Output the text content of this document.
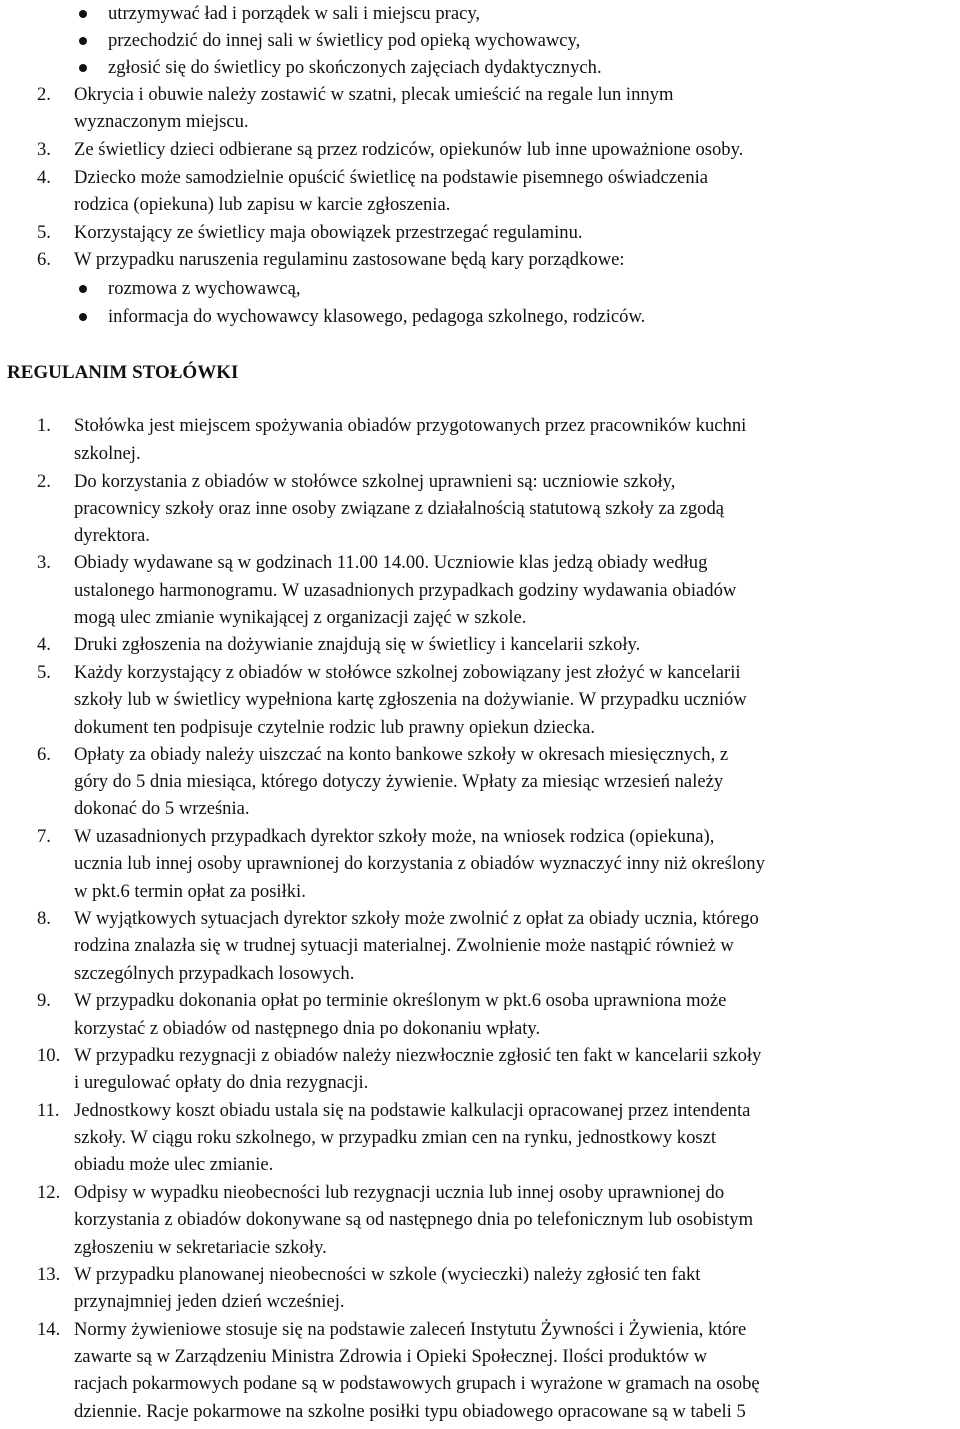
utrzymywać ład i porządek w sali i miejscu pracy,
przechodzić do innej sali w świetlicy pod opieką wychowawcy,
zgłosić się do świetlicy po skończonych zajęciach dydaktycznych.
2. Okrycia i obuwie należy zostawić w szatni, plecak umieścić na regale lun innym
wyznaczonym miejscu.
3. Ze świetlicy dzieci odbierane są przez rodziców, opiekunów lub inne upoważnione osoby.
4. Dziecko może samodzielnie opuścić świetlicę na podstawie pisemnego oświadczenia
rodzica (opiekuna) lub zapisu w karcie zgłoszenia.
5. Korzystający ze świetlicy maja obowiązek przestrzegać regulaminu.
6. W przypadku naruszenia regulaminu zastosowane będą kary porządkowe:
rozmowa z wychowawcą,
informacja do wychowawcy klasowego, pedagoga szkolnego, rodziców.
REGULANIM STOŁÓWKI
1. Stołówka jest miejscem spożywania obiadów przygotowanych przez pracowników kuchni
szkolnej.
2. Do korzystania z obiadów w stołówce szkolnej uprawnieni są: uczniowie szkoły,
pracownicy szkoły oraz inne osoby związane z działalnością statutową szkoły za zgodą
dyrektora.
3. Obiady wydawane są w godzinach 11.00 14.00. Uczniowie klas jedzą obiady według
ustalonego harmonogramu. W uzasadnionych przypadkach godziny wydawania obiadów
mogą ulec zmianie wynikającej z organizacji zajęć w szkole.
4. Druki zgłoszenia na dożywianie znajdują się w świetlicy i kancelarii szkoły.
5. Każdy korzystający z obiadów w stołówce szkolnej zobowiązany jest złożyć w kancelarii
szkoły lub w świetlicy wypełniona kartę zgłoszenia na dożywianie. W przypadku uczniów
dokument ten podpisuje czytelnie rodzic lub prawny opiekun dziecka.
6. Opłaty za obiady należy uiszczać na konto bankowe szkoły w okresach miesięcznych, z
góry do 5 dnia miesiąca, którego dotyczy żywienie. Wpłaty za miesiąc wrzesień należy
dokonać do 5 września.
7. W uzasadnionych przypadkach dyrektor szkoły może, na wniosek rodzica (opiekuna),
ucznia lub innej osoby uprawnionej do korzystania z obiadów wyznaczyć inny niż określony
w pkt.6 termin opłat za posiłki.
8. W wyjątkowych sytuacjach dyrektor szkoły może zwolnić z opłat za obiady ucznia, którego
rodzina znalazła się w trudnej sytuacji materialnej. Zwolnienie może nastąpić również w
szczególnych przypadkach losowych.
9. W przypadku dokonania opłat po terminie określonym w pkt.6 osoba uprawniona może
korzystać z obiadów od następnego dnia po dokonaniu wpłaty.
10. W przypadku rezygnacji z obiadów należy niezwłocznie zgłosić ten fakt w kancelarii szkoły
i uregulować opłaty do dnia rezygnacji.
11. Jednostkowy koszt obiadu ustala się na podstawie kalkulacji opracowanej przez intendenta
szkoły. W ciągu roku szkolnego, w przypadku zmian cen na rynku, jednostkowy koszt
obiadu może ulec zmianie.
12. Odpisy w wypadku nieobecności lub rezygnacji ucznia lub innej osoby uprawnionej do
korzystania z obiadów dokonywane są od następnego dnia po telefonicznym lub osobistym
zgłoszeniu w sekretariacie szkoły.
13. W przypadku planowanej nieobecności w szkole (wycieczki) należy zgłosić ten fakt
przynajmniej jeden dzień wcześniej.
14. Normy żywieniowe stosuje się na podstawie zaleceń Instytutu Żywności i Żywienia, które
zawarte są w Zarządzeniu Ministra Zdrowia i Opieki Społecznej. Ilości produktów w
racjach pokarmowych podane są w podstawowych grupach i wyrażone w gramach na osobę
dziennie. Racje pokarmowe na szkolne posiłki typu obiadowego opracowane są w tabeli 5
